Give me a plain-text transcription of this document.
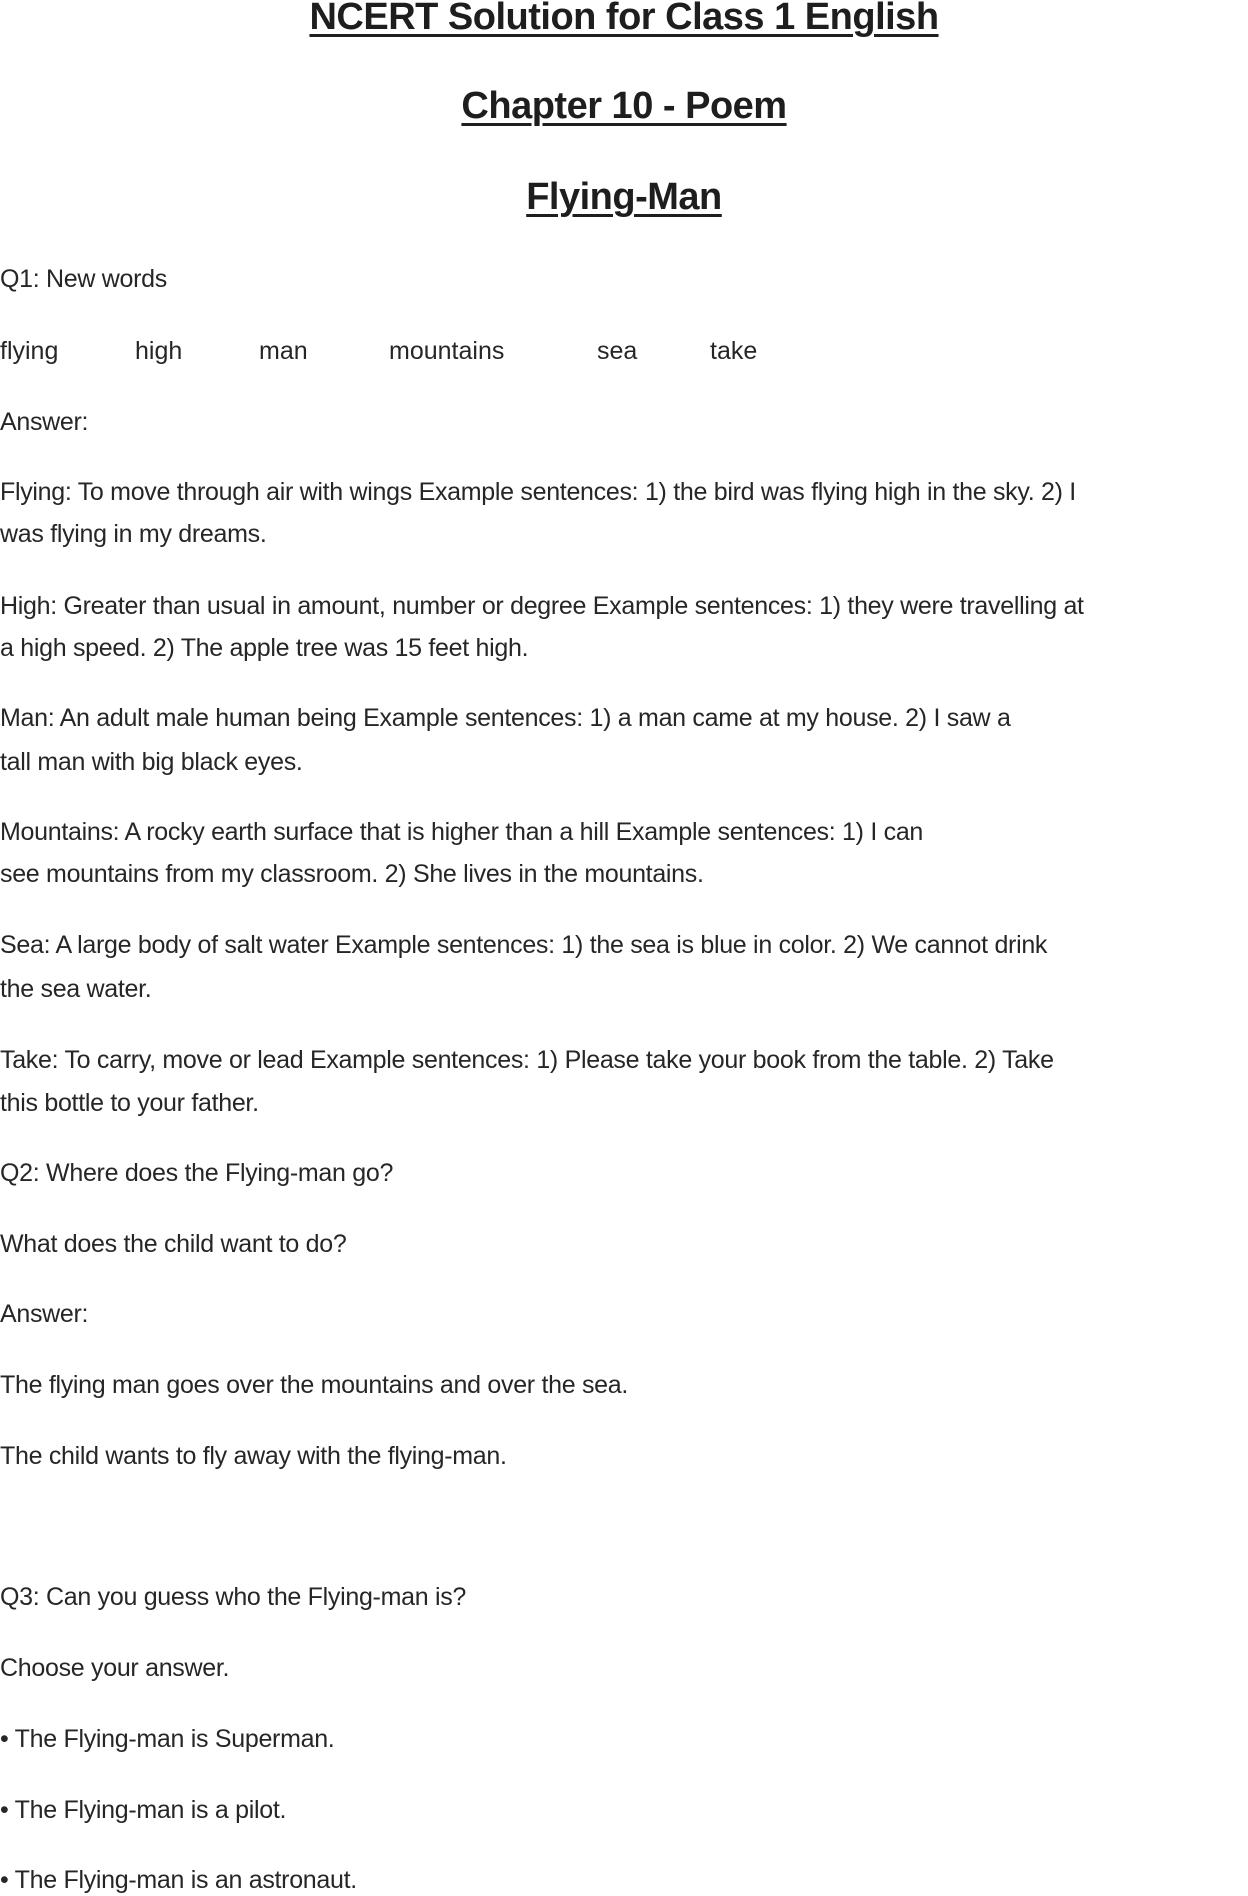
NCERT Solution for Class 1 English
Chapter 10 - Poem
Flying-Man
Q1: New words
flying	high	man	mountains	sea	take
Answer:
Flying: To move through air with wings Example sentences: 1) the bird was flying high in the sky. 2) I
was flying in my dreams.
High: Greater than usual in amount, number or degree Example sentences: 1) they were travelling at
a high speed. 2) The apple tree was 15 feet high.
Man: An adult male human being Example sentences: 1) a man came at my house. 2) I saw a
tall man with big black eyes.
Mountains: A rocky earth surface that is higher than a hill Example sentences: 1) I can
see mountains from my classroom. 2) She lives in the mountains.
Sea: A large body of salt water Example sentences: 1) the sea is blue in color. 2) We cannot drink
the sea water.
Take: To carry, move or lead Example sentences: 1) Please take your book from the table. 2) Take
this bottle to your father.
Q2: Where does the Flying-man go?
What does the child want to do?
Answer:
The flying man goes over the mountains and over the sea.
The child wants to fly away with the flying-man.
Q3: Can you guess who the Flying-man is?
Choose your answer.
• The Flying-man is Superman.
• The Flying-man is a pilot.
• The Flying-man is an astronaut.
